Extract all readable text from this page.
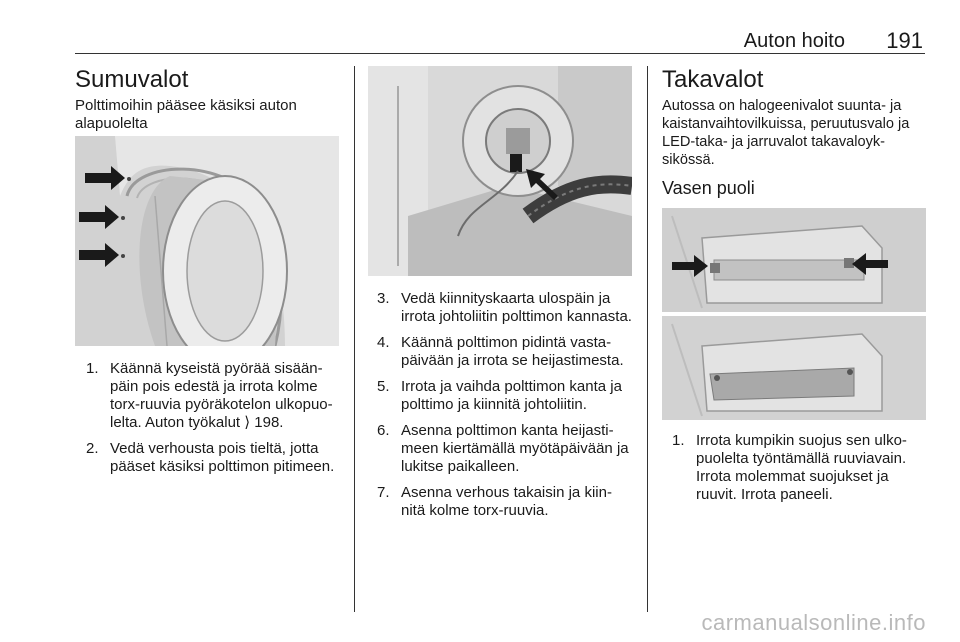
Auton hoito 191
Sumuvalot
Polttimoihin pääsee käsiksi auton alapuolelta
1. Käännä kyseistä pyörää sisään-päin pois edestä ja irrota kolme torx-ruuvia pyöräkotelon ulkopuo-lelta. Auton työkalut ⟩ 198.
2. Vedä verhousta pois tieltä, jotta pääset käsiksi polttimon pitimeen.
3. Vedä kiinnityskaarta ulospäin ja irrota johtoliitin polttimon kannasta.
4. Käännä polttimon pidintä vasta-päivään ja irrota se heijastimesta.
5. Irrota ja vaihda polttimon kanta ja polttimo ja kiinnitä johtoliitin.
6. Asenna polttimon kanta heijasti-meen kiertämällä myötäpäivään ja lukitse paikalleen.
7. Asenna verhous takaisin ja kiin-nitä kolme torx-ruuvia.
Takavalot
Autossa on halogeenivalot suunta- ja kaistanvaihtovilkuissa, peruutusvalo ja LED-taka- ja jarruvalot takavaloyk-sikössä.
Vasen puoli
1. Irrota kumpikin suojus sen ulko-puolelta työntämällä ruuviavain. Irrota molemmat suojukset ja ruuvit. Irrota paneeli.
carmanualsonline.info
